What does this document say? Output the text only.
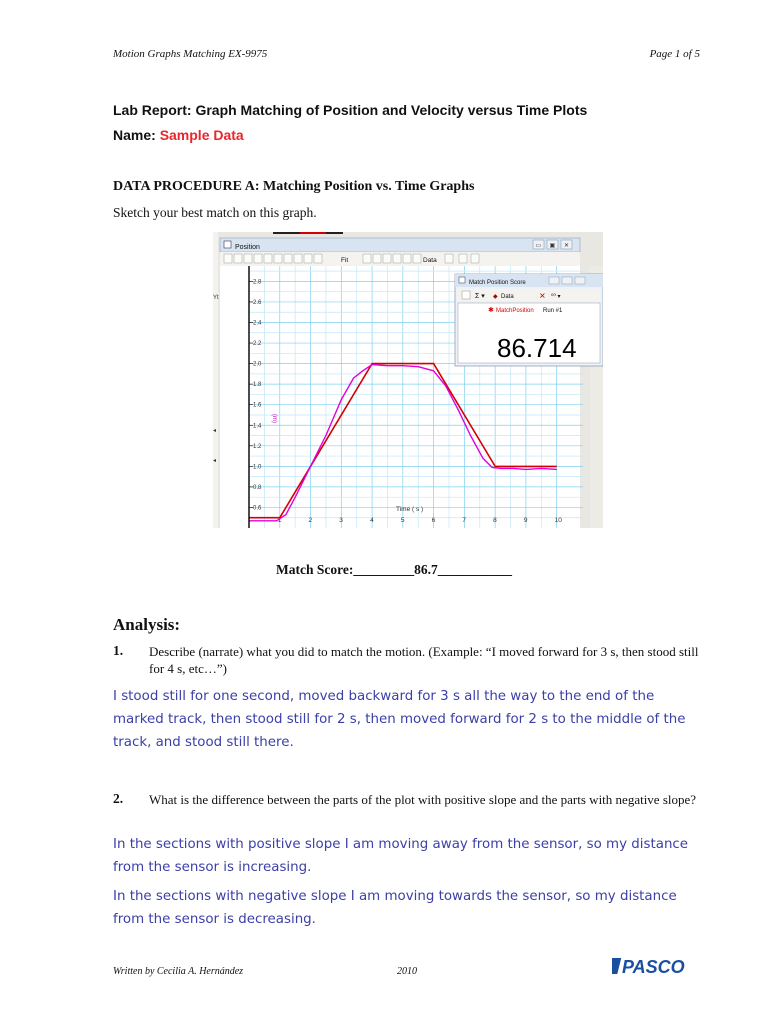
Motion Graphs Matching EX-9975	Page 1 of 5
Lab Report: Graph Matching of Position and Velocity versus Time Plots
Name: Sample Data
DATA PROCEDURE A: Matching Position vs. Time Graphs
Sketch your best match on this graph.
Yt
◂
◂
Position	▭ ▣ ✕
Fit	Data
1	2	3	4	5	6	7	8	9	10
0.6
0.8
1.0
1.2
1.4
1.6
1.8
2.0
2.2
2.4
2.6
2.8
(m)
Time ( s )
Match Position Score
Σ ▾ ◆ Data	✕ ⁰⁰ ▾
✱ MatchPosition Run #1
86.714
Match Score:_________86.7___________
Analysis:
1. Describe (narrate) what you did to match the motion. (Example: “I moved forward for 3 s, then stood still for 4 s, etc…”)
I stood still for one second, moved backward for 3 s all the way to the end of the marked track, then stood still for 2 s, then moved forward for 2 s to the middle of the track, and stood still there.
2. What is the difference between the parts of the plot with positive slope and the parts with negative slope?
In the sections with positive slope I am moving away from the sensor, so my distance from the sensor is increasing.
In the sections with negative slope I am moving towards the sensor, so my distance from the sensor is decreasing.
Written by Cecilia A. Hernández	2010	PASCO
